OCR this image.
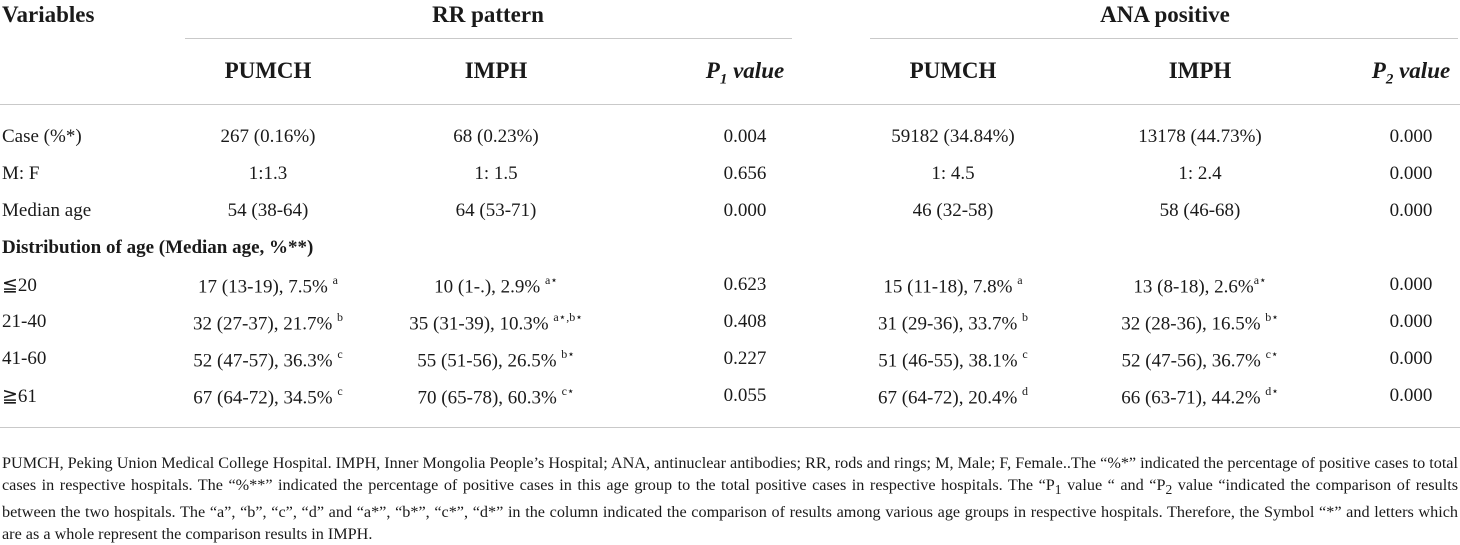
Variables	RR pattern	ANA positive
PUMCH	IMPH	$P_1$ value	PUMCH	IMPH	$P_2$ value
Case (%*)	267 (0.16%)	68 (0.23%)	0.004	59182 (34.84%)	13178 (44.73%)	0.000
M: F	1:1.3	1: 1.5	0.656	1: 4.5	1: 2.4	0.000
Median age	54 (38-64)	64 (53-71)	0.000	46 (32-58)	58 (46-68)	0.000
Distribution of age (Median age, %**)
≦20	17 (13-19), 7.5% $^a$	10 (1-.), 2.9% $^{a⋆}$	0.623	15 (11-18), 7.8% $^a$	13 (8-18), 2.6%$^{a⋆}$	0.000
21-40	32 (27-37), 21.7% $^b$	35 (31-39), 10.3% $^{a⋆,b⋆}$	0.408	31 (29-36), 33.7% $^b$	32 (28-36), 16.5% $^{b⋆}$	0.000
41-60	52 (47-57), 36.3% $^c$	55 (51-56), 26.5% $^{b⋆}$	0.227	51 (46-55), 38.1% $^c$	52 (47-56), 36.7% $^{c⋆}$	0.000
≧61	67 (64-72), 34.5% $^c$	70 (65-78), 60.3% $^{c⋆}$	0.055	67 (64-72), 20.4% $^d$	66 (63-71), 44.2% $^{d⋆}$	0.000
PUMCH, Peking Union Medical College Hospital. IMPH, Inner Mongolia People’s Hospital; ANA, antinuclear antibodies; RR, rods and rings; M, Male; F, Female..The “%*” indicated the percentage of positive cases to total cases in respective hospitals. The “%**” indicated the percentage of positive cases in this age group to the total positive cases in respective hospitals. The “$P_1$ value “ and “$P_2$ value “indicated the comparison of results between the two hospitals. The “a”, “b”, “c”, “d” and “a*”, “b*”, “c*”, “d*” in the column indicated the comparison of results among various age groups in respective hospitals. Therefore, the Symbol “*” and letters which are as a whole represent the comparison results in IMPH.
